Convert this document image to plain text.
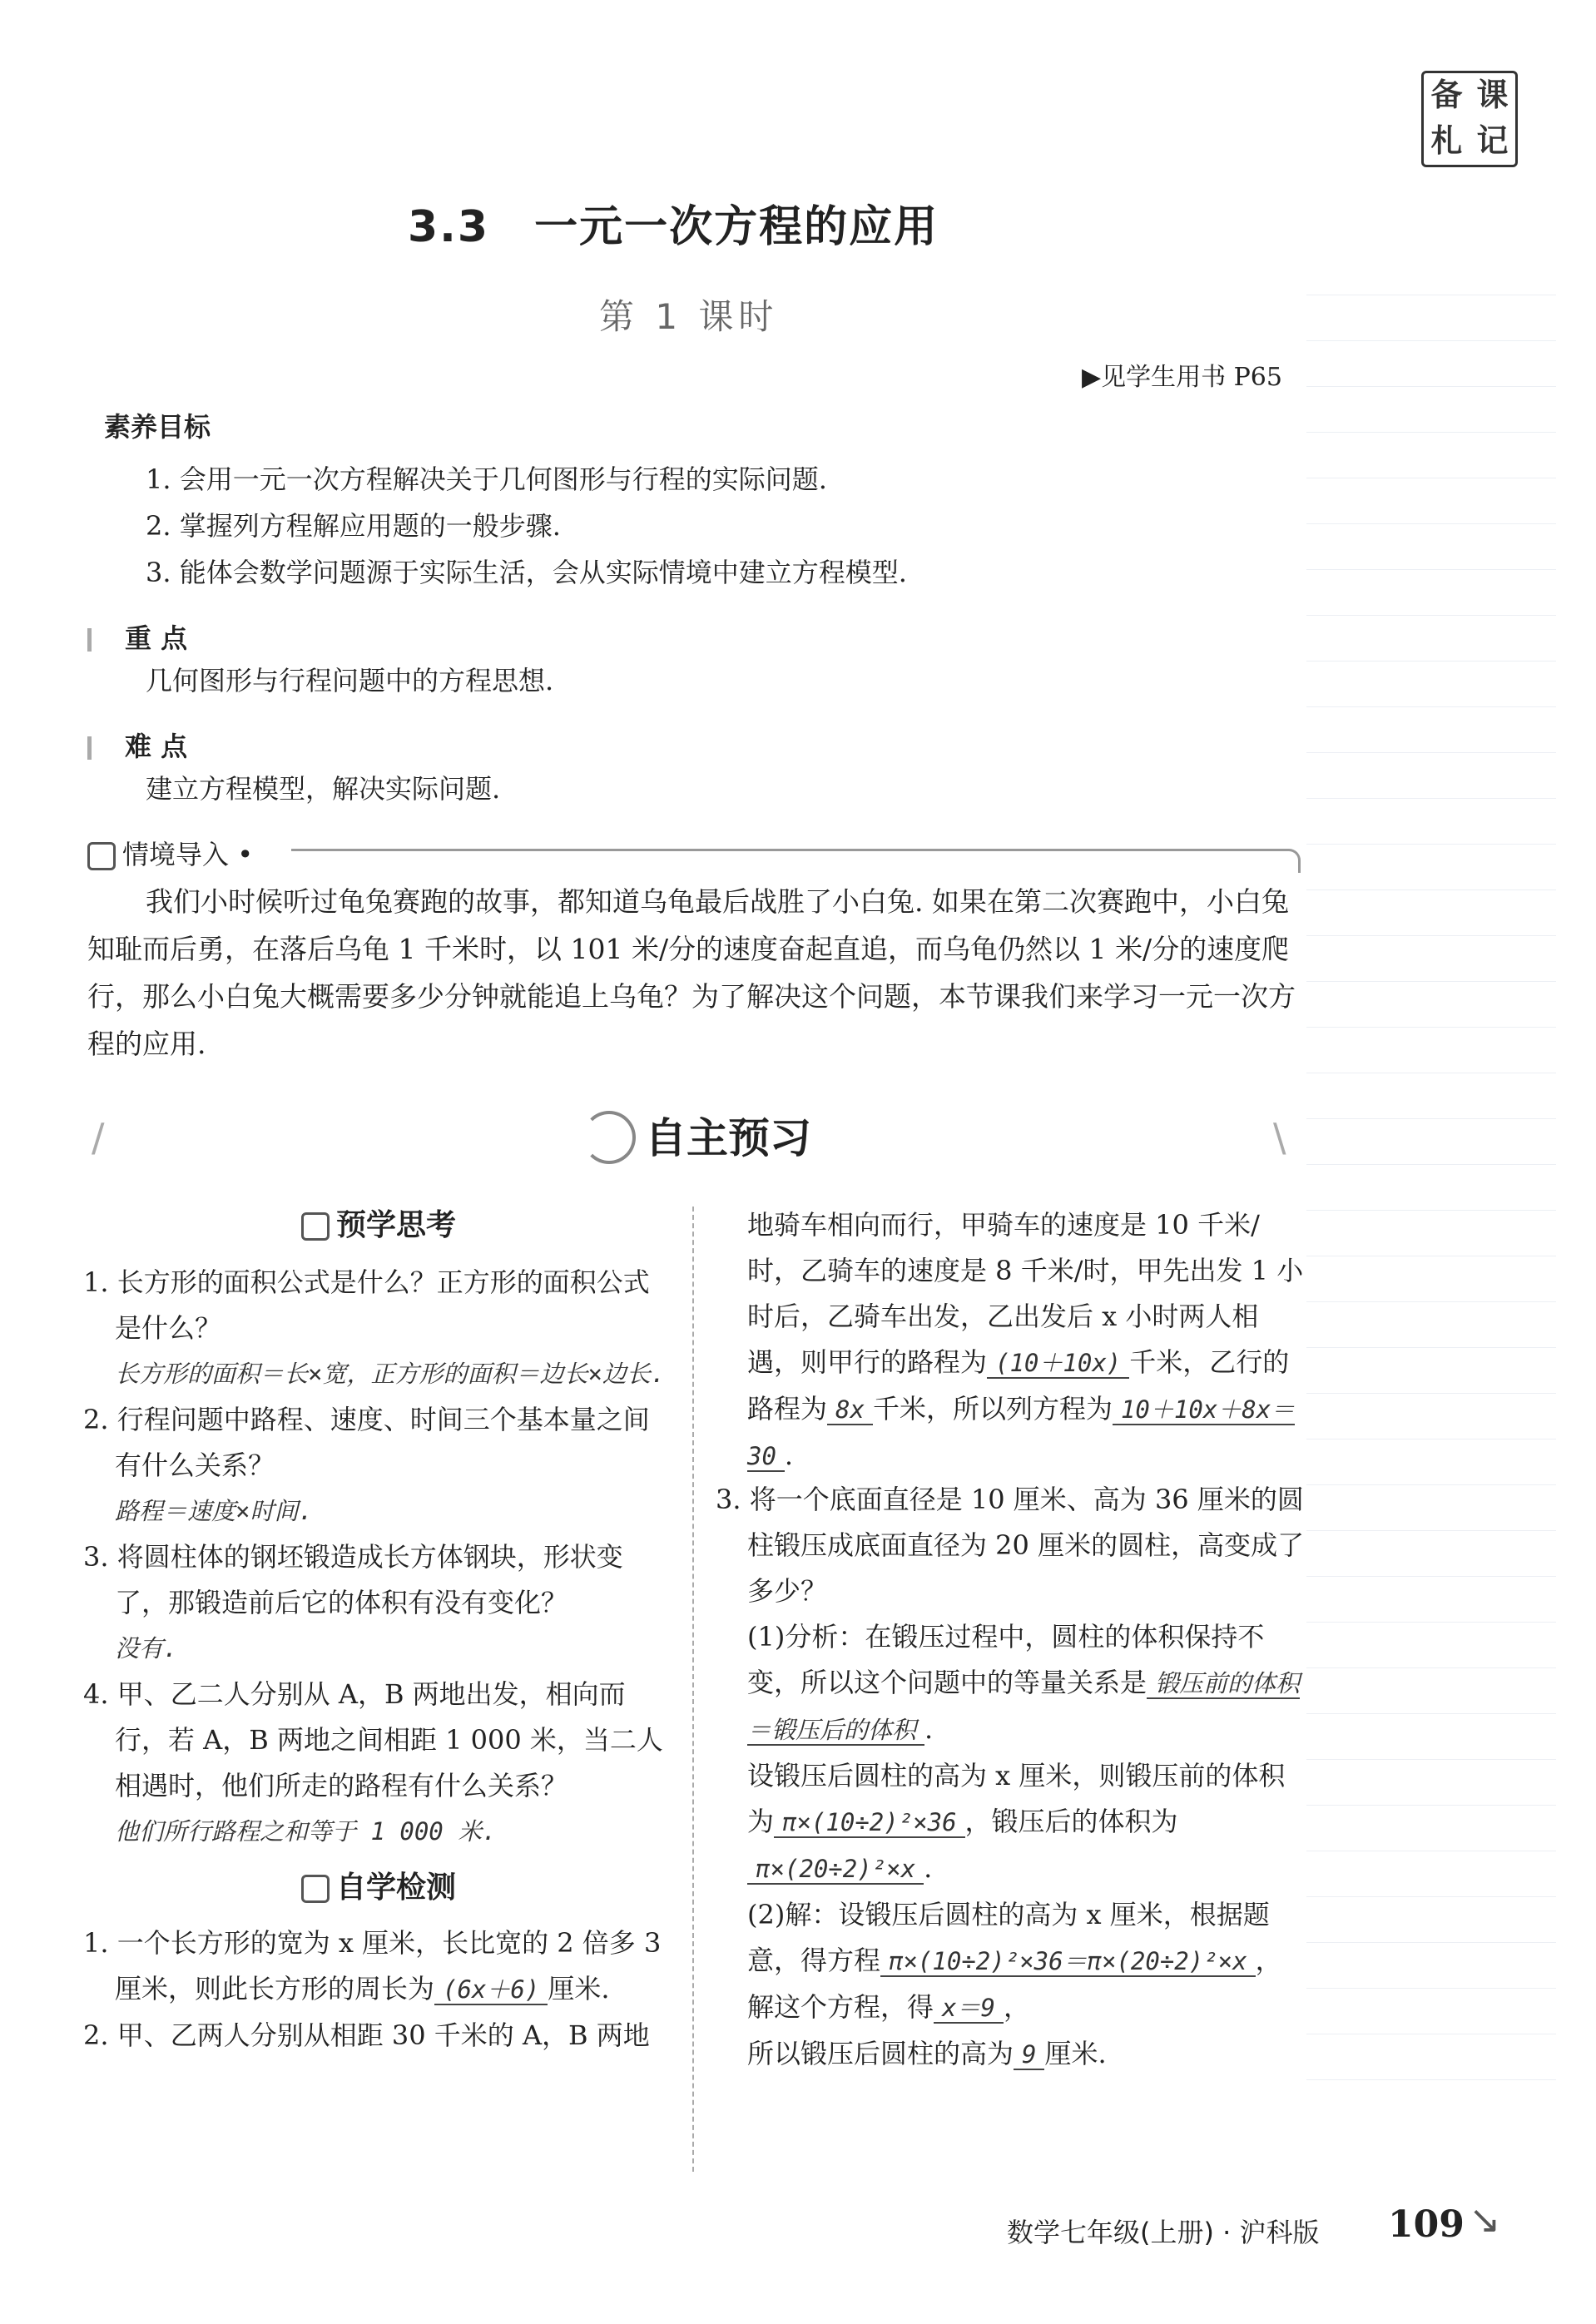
备 课
札 记
3.3　一元一次方程的应用
第 1 课时
▶见学生用书 P65
素养目标
1. 会用一元一次方程解决关于几何图形与行程的实际问题.
2. 掌握列方程解应用题的一般步骤.
3. 能体会数学问题源于实际生活，会从实际情境中建立方程模型.
重 点
几何图形与行程问题中的方程思想.
难 点
建立方程模型，解决实际问题.
情境导入 •
我们小时候听过龟兔赛跑的故事，都知道乌龟最后战胜了小白兔. 如果在第二次赛跑中，小白兔知耻而后勇，在落后乌龟 1 千米时，以 101 米/分的速度奋起直追，而乌龟仍然以 1 米/分的速度爬行，那么小白兔大概需要多少分钟就能追上乌龟？为了解决这个问题，本节课我们来学习一元一次方程的应用.
/	\
自主预习
预学思考
1. 长方形的面积公式是什么？正方形的面积公式是什么？
长方形的面积＝长×宽，正方形的面积＝边长×边长.
2. 行程问题中路程、速度、时间三个基本量之间有什么关系？
路程＝速度×时间.
3. 将圆柱体的钢坯锻造成长方体钢块，形状变了，那锻造前后它的体积有没有变化？
没有.
4. 甲、乙二人分别从 A，B 两地出发，相向而行，若 A，B 两地之间相距 1 000 米，当二人相遇时，他们所走的路程有什么关系？
他们所行路程之和等于 1 000 米.
自学检测
1. 一个长方形的宽为 x 厘米，长比宽的 2 倍多 3 厘米，则此长方形的周长为 (6x＋6) 厘米.
2. 甲、乙两人分别从相距 30 千米的 A，B 两地
地骑车相向而行，甲骑车的速度是 10 千米/时，乙骑车的速度是 8 千米/时，甲先出发 1 小时后，乙骑车出发，乙出发后 x 小时两人相遇，则甲行的路程为 (10＋10x) 千米，乙行的路程为 8x 千米，所以列方程为 10＋10x＋8x＝30 .
3. 将一个底面直径是 10 厘米、高为 36 厘米的圆柱锻压成底面直径为 20 厘米的圆柱，高变成了多少？
(1)分析：在锻压过程中，圆柱的体积保持不变，所以这个问题中的等量关系是 锻压前的体积＝锻压后的体积 .
设锻压后圆柱的高为 x 厘米，则锻压前的体积为 π×(10÷2)²×36 ，锻压后的体积为π×(20÷2)²×x .
(2)解：设锻压后圆柱的高为 x 厘米，根据题意，得方程 π×(10÷2)²×36＝π×(20÷2)²×x ，
解这个方程，得 x＝9 ，
所以锻压后圆柱的高为 9 厘米.
数学七年级(上册) · 沪科版 109 ↘
